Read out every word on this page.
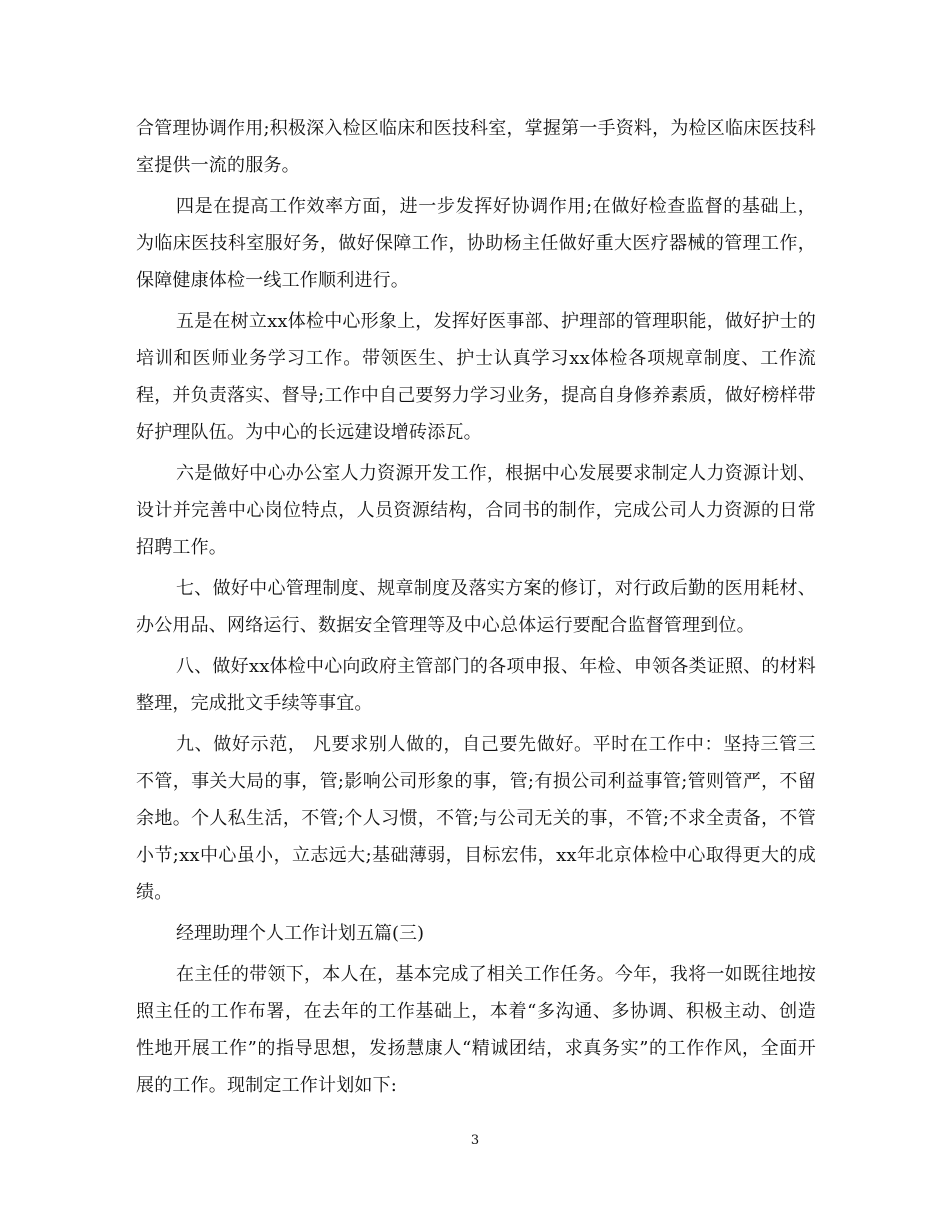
合管理协调作用;积极深入检区临床和医技科室，掌握第一手资料，为检区临床医技科室提供一流的服务。

四是在提高工作效率方面，进一步发挥好协调作用;在做好检查监督的基础上，为临床医技科室服好务，做好保障工作，协助杨主任做好重大医疗器械的管理工作，保障健康体检一线工作顺利进行。

五是在树立xx体检中心形象上，发挥好医事部、护理部的管理职能，做好护士的培训和医师业务学习工作。带领医生、护士认真学习xx体检各项规章制度、工作流程，并负责落实、督导;工作中自己要努力学习业务，提高自身修养素质，做好榜样带好护理队伍。为中心的长远建设增砖添瓦。

六是做好中心办公室人力资源开发工作，根据中心发展要求制定人力资源计划、设计并完善中心岗位特点，人员资源结构，合同书的制作，完成公司人力资源的日常招聘工作。

七、做好中心管理制度、规章制度及落实方案的修订，对行政后勤的医用耗材、办公用品、网络运行、数据安全管理等及中心总体运行要配合监督管理到位。

八、做好xx体检中心向政府主管部门的各项申报、年检、申领各类证照、的材料整理，完成批文手续等事宜。

九、做好示范， 凡要求别人做的，自己要先做好。平时在工作中：坚持三管三不管，事关大局的事，管;影响公司形象的事，管;有损公司利益事管;管则管严，不留余地。个人私生活，不管;个人习惯，不管;与公司无关的事，不管;不求全责备，不管小节;xx中心虽小，立志远大;基础薄弱，目标宏伟，xx年北京体检中心取得更大的成绩。

经理助理个人工作计划五篇(三)

在主任的带领下，本人在，基本完成了相关工作任务。今年，我将一如既往地按照主任的工作布署，在去年的工作基础上，本着“多沟通、多协调、积极主动、创造性地开展工作”的指导思想，发扬慧康人“精诚团结，求真务实”的工作作风，全面开展的工作。现制定工作计划如下:

3
